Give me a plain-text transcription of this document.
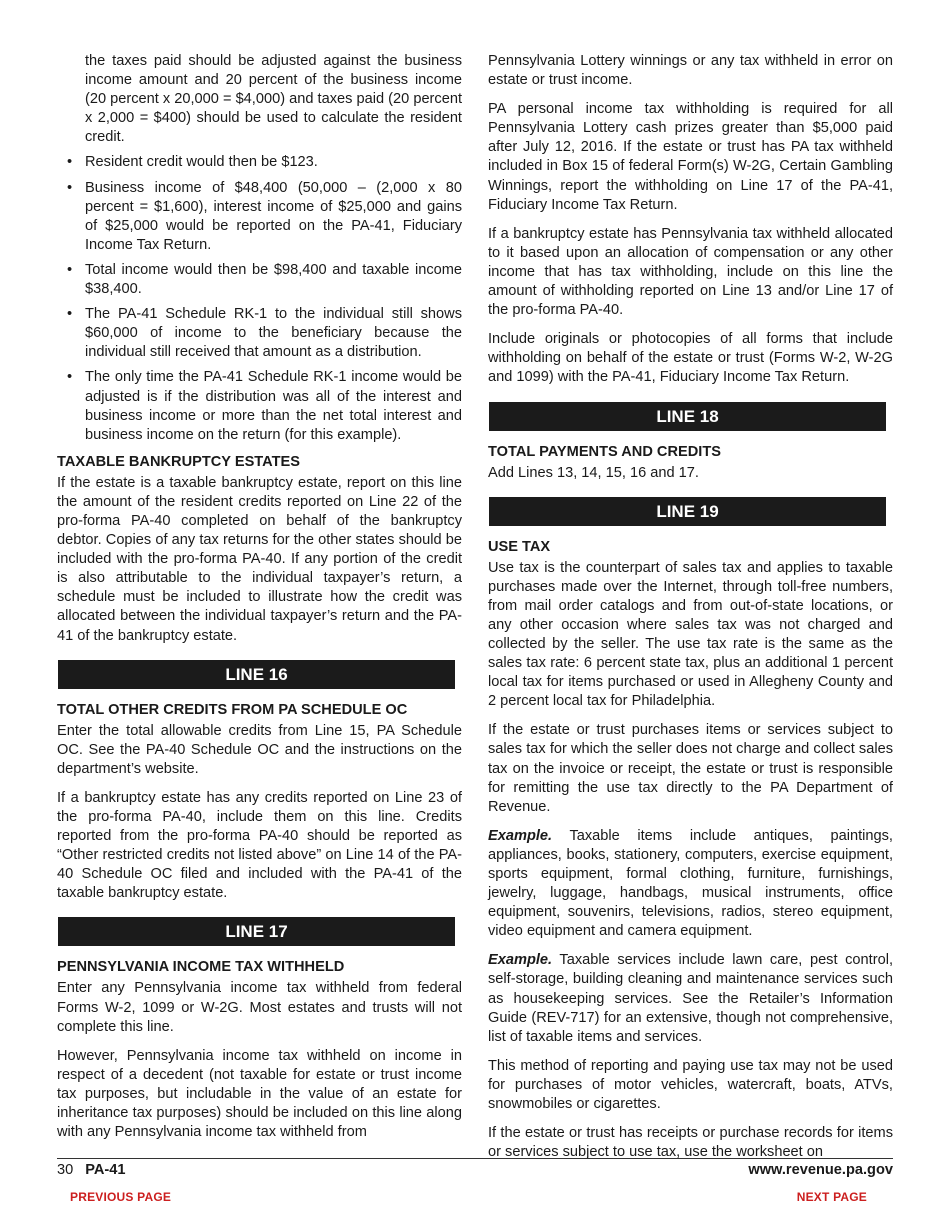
the taxes paid should be adjusted against the business income amount and 20 percent of the business income (20 percent x 20,000 = $4,000) and taxes paid (20 percent x 2,000 = $400) should be used to calculate the resident credit.
• Resident credit would then be $123.
• Business income of $48,400 (50,000 – (2,000 x 80 percent = $1,600), interest income of $25,000 and gains of $25,000 would be reported on the PA-41, Fiduciary Income Tax Return.
• Total income would then be $98,400 and taxable income $38,400.
• The PA-41 Schedule RK-1 to the individual still shows $60,000 of income to the beneficiary because the individual still received that amount as a distribution.
• The only time the PA-41 Schedule RK-1 income would be adjusted is if the distribution was all of the interest and business income or more than the net total interest and business income on the return (for this example).
TAXABLE BANKRUPTCY ESTATES

If the estate is a taxable bankruptcy estate, report on this line the amount of the resident credits reported on Line 22 of the pro-forma PA-40 completed on behalf of the bankruptcy debtor. Copies of any tax returns for the other states should be included with the pro-forma PA-40. If any portion of the credit is also attributable to the individual taxpayer’s return, a schedule must be included to illustrate how the credit was allocated between the individual taxpayer’s return and the PA-41 of the bankruptcy estate.

LINE 16
TOTAL OTHER CREDITS FROM PA SCHEDULE OC

Enter the total allowable credits from Line 15, PA Schedule OC. See the PA-40 Schedule OC and the instructions on the department’s website.

If a bankruptcy estate has any credits reported on Line 23 of the pro-forma PA-40, include them on this line. Credits reported from the pro-forma PA-40 should be reported as “Other restricted credits not listed above” on Line 14 of the PA-40 Schedule OC filed and included with the PA-41 of the taxable bankruptcy estate.

LINE 17
PENNSYLVANIA INCOME TAX WITHHELD

Enter any Pennsylvania income tax withheld from federal Forms W-2, 1099 or W-2G. Most estates and trusts will not complete this line.

However, Pennsylvania income tax withheld on income in respect of a decedent (not taxable for estate or trust income tax purposes, but includable in the value of an estate for inheritance tax purposes) should be included on this line along with any Pennsylvania income tax withheld from

Pennsylvania Lottery winnings or any tax withheld in error on estate or trust income.

PA personal income tax withholding is required for all Pennsylvania Lottery cash prizes greater than $5,000 paid after July 12, 2016. If the estate or trust has PA tax withheld included in Box 15 of federal Form(s) W-2G, Certain Gambling Winnings, report the withholding on Line 17 of the PA-41, Fiduciary Income Tax Return.

If a bankruptcy estate has Pennsylvania tax withheld allocated to it based upon an allocation of compensation or any other income that has tax withholding, include on this line the amount of withholding reported on Line 13 and/or Line 17 of the pro-forma PA-40.

Include originals or photocopies of all forms that include withholding on behalf of the estate or trust (Forms W-2, W-2G and 1099) with the PA-41, Fiduciary Income Tax Return.

LINE 18
TOTAL PAYMENTS AND CREDITS

Add Lines 13, 14, 15, 16 and 17.

LINE 19
USE TAX

Use tax is the counterpart of sales tax and applies to taxable purchases made over the Internet, through toll-free numbers, from mail order catalogs and from out-of-state locations, or any other occasion where sales tax was not charged and collected by the seller. The use tax rate is the same as the sales tax rate: 6 percent state tax, plus an additional 1 percent local tax for items purchased or used in Allegheny County and 2 percent local tax for Philadelphia.

If the estate or trust purchases items or services subject to sales tax for which the seller does not charge and collect sales tax on the invoice or receipt, the estate or trust is responsible for remitting the use tax directly to the PA Department of Revenue.

Example. Taxable items include antiques, paintings, appliances, books, stationery, computers, exercise equipment, sports equipment, formal clothing, furniture, furnishings, jewelry, luggage, handbags, musical instruments, office equipment, souvenirs, televisions, radios, stereo equipment, video equipment and camera equipment.

Example. Taxable services include lawn care, pest control, self-storage, building cleaning and maintenance services such as housekeeping services. See the Retailer’s Information Guide (REV-717) for an extensive, though not comprehensive, list of taxable items and services.

This method of reporting and paying use tax may not be used for purchases of motor vehicles, watercraft, boats, ATVs, snowmobiles or cigarettes.

If the estate or trust has receipts or purchase records for items or services subject to use tax, use the worksheet on

30 PA-41	www.revenue.pa.gov
PREVIOUS PAGE	NEXT PAGE
